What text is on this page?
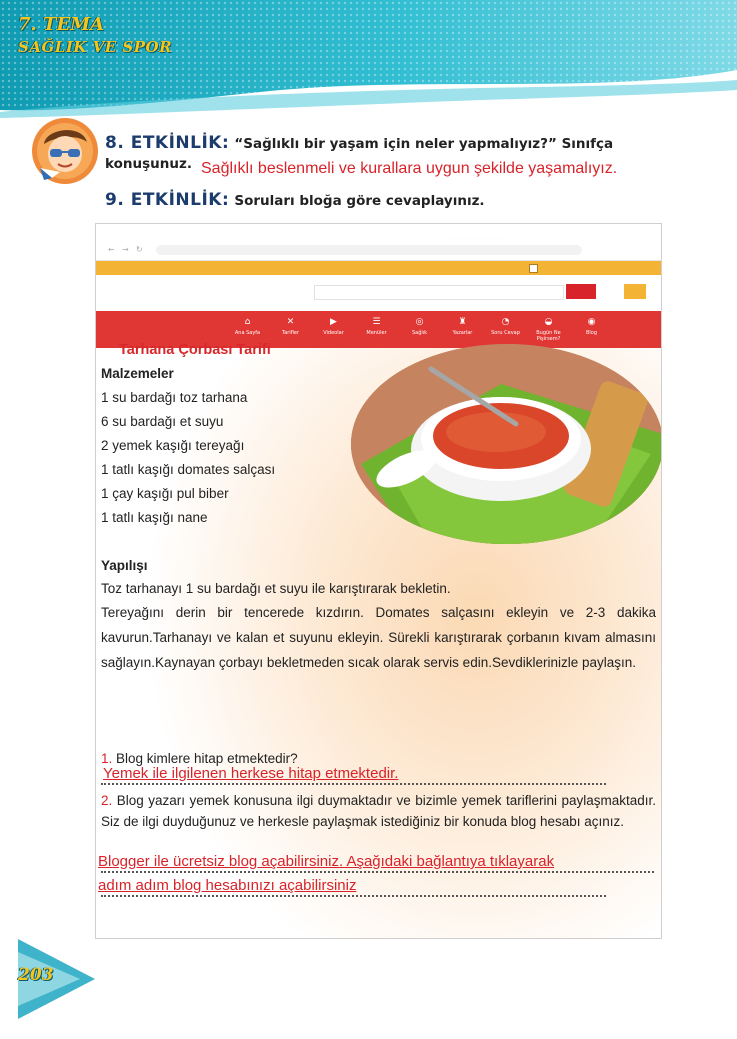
7. TEMA
SAĞLIK VE SPOR
8. ETKİNLİK: “Sağlıklı bir yaşam için neler yapmalıyız?” Sınıfça
konuşunuz. Sağlıklı beslenmeli ve kurallara uygun şekilde yaşamalıyız.
9. ETKİNLİK: Soruları bloğa göre cevaplayınız.
← → ↻
⌂
Ana Sayfa
✕
Tarifler
▶
Videolar
☰
Menüler
◎
Sağlık
♜
Yazarlar
◔
Soru Cevap
◒
Bugün Ne Pişirsem?
◉
Blog
Tarhana Çorbası Tarifi
Malzemeler
1 su bardağı toz tarhana
6 su bardağı et suyu
2 yemek kaşığı tereyağı
1 tatlı kaşığı domates salçası
1 çay kaşığı pul biber
1 tatlı kaşığı nane
Yapılışı
Toz tarhanayı 1 su bardağı et suyu ile karıştırarak bekletin.
Tereyağını derin bir tencerede kızdırın. Domates salçasını ekleyin ve 2-3 dakika kavurun.Tarhanayı ve kalan et suyunu ekleyin. Sürekli karıştırarak çorbanın kıvam almasını sağlayın.Kaynayan çorbayı bekletmeden sıcak olarak servis edin.Sevdiklerinizle paylaşın.
1. Blog kimlere hitap etmektedir?
Yemek ile ilgilenen herkese hitap etmektedir.
2. Blog yazarı yemek konusuna ilgi duymaktadır ve bizimle yemek tariflerini paylaşmaktadır. Siz de ilgi duyduğunuz ve herkesle paylaşmak istediğiniz bir konuda blog hesabı açınız.
Blogger ile ücretsiz blog açabilirsiniz. Aşağıdaki bağlantıya tıklayarak
adım adım blog hesabınızı açabilirsiniz
203
